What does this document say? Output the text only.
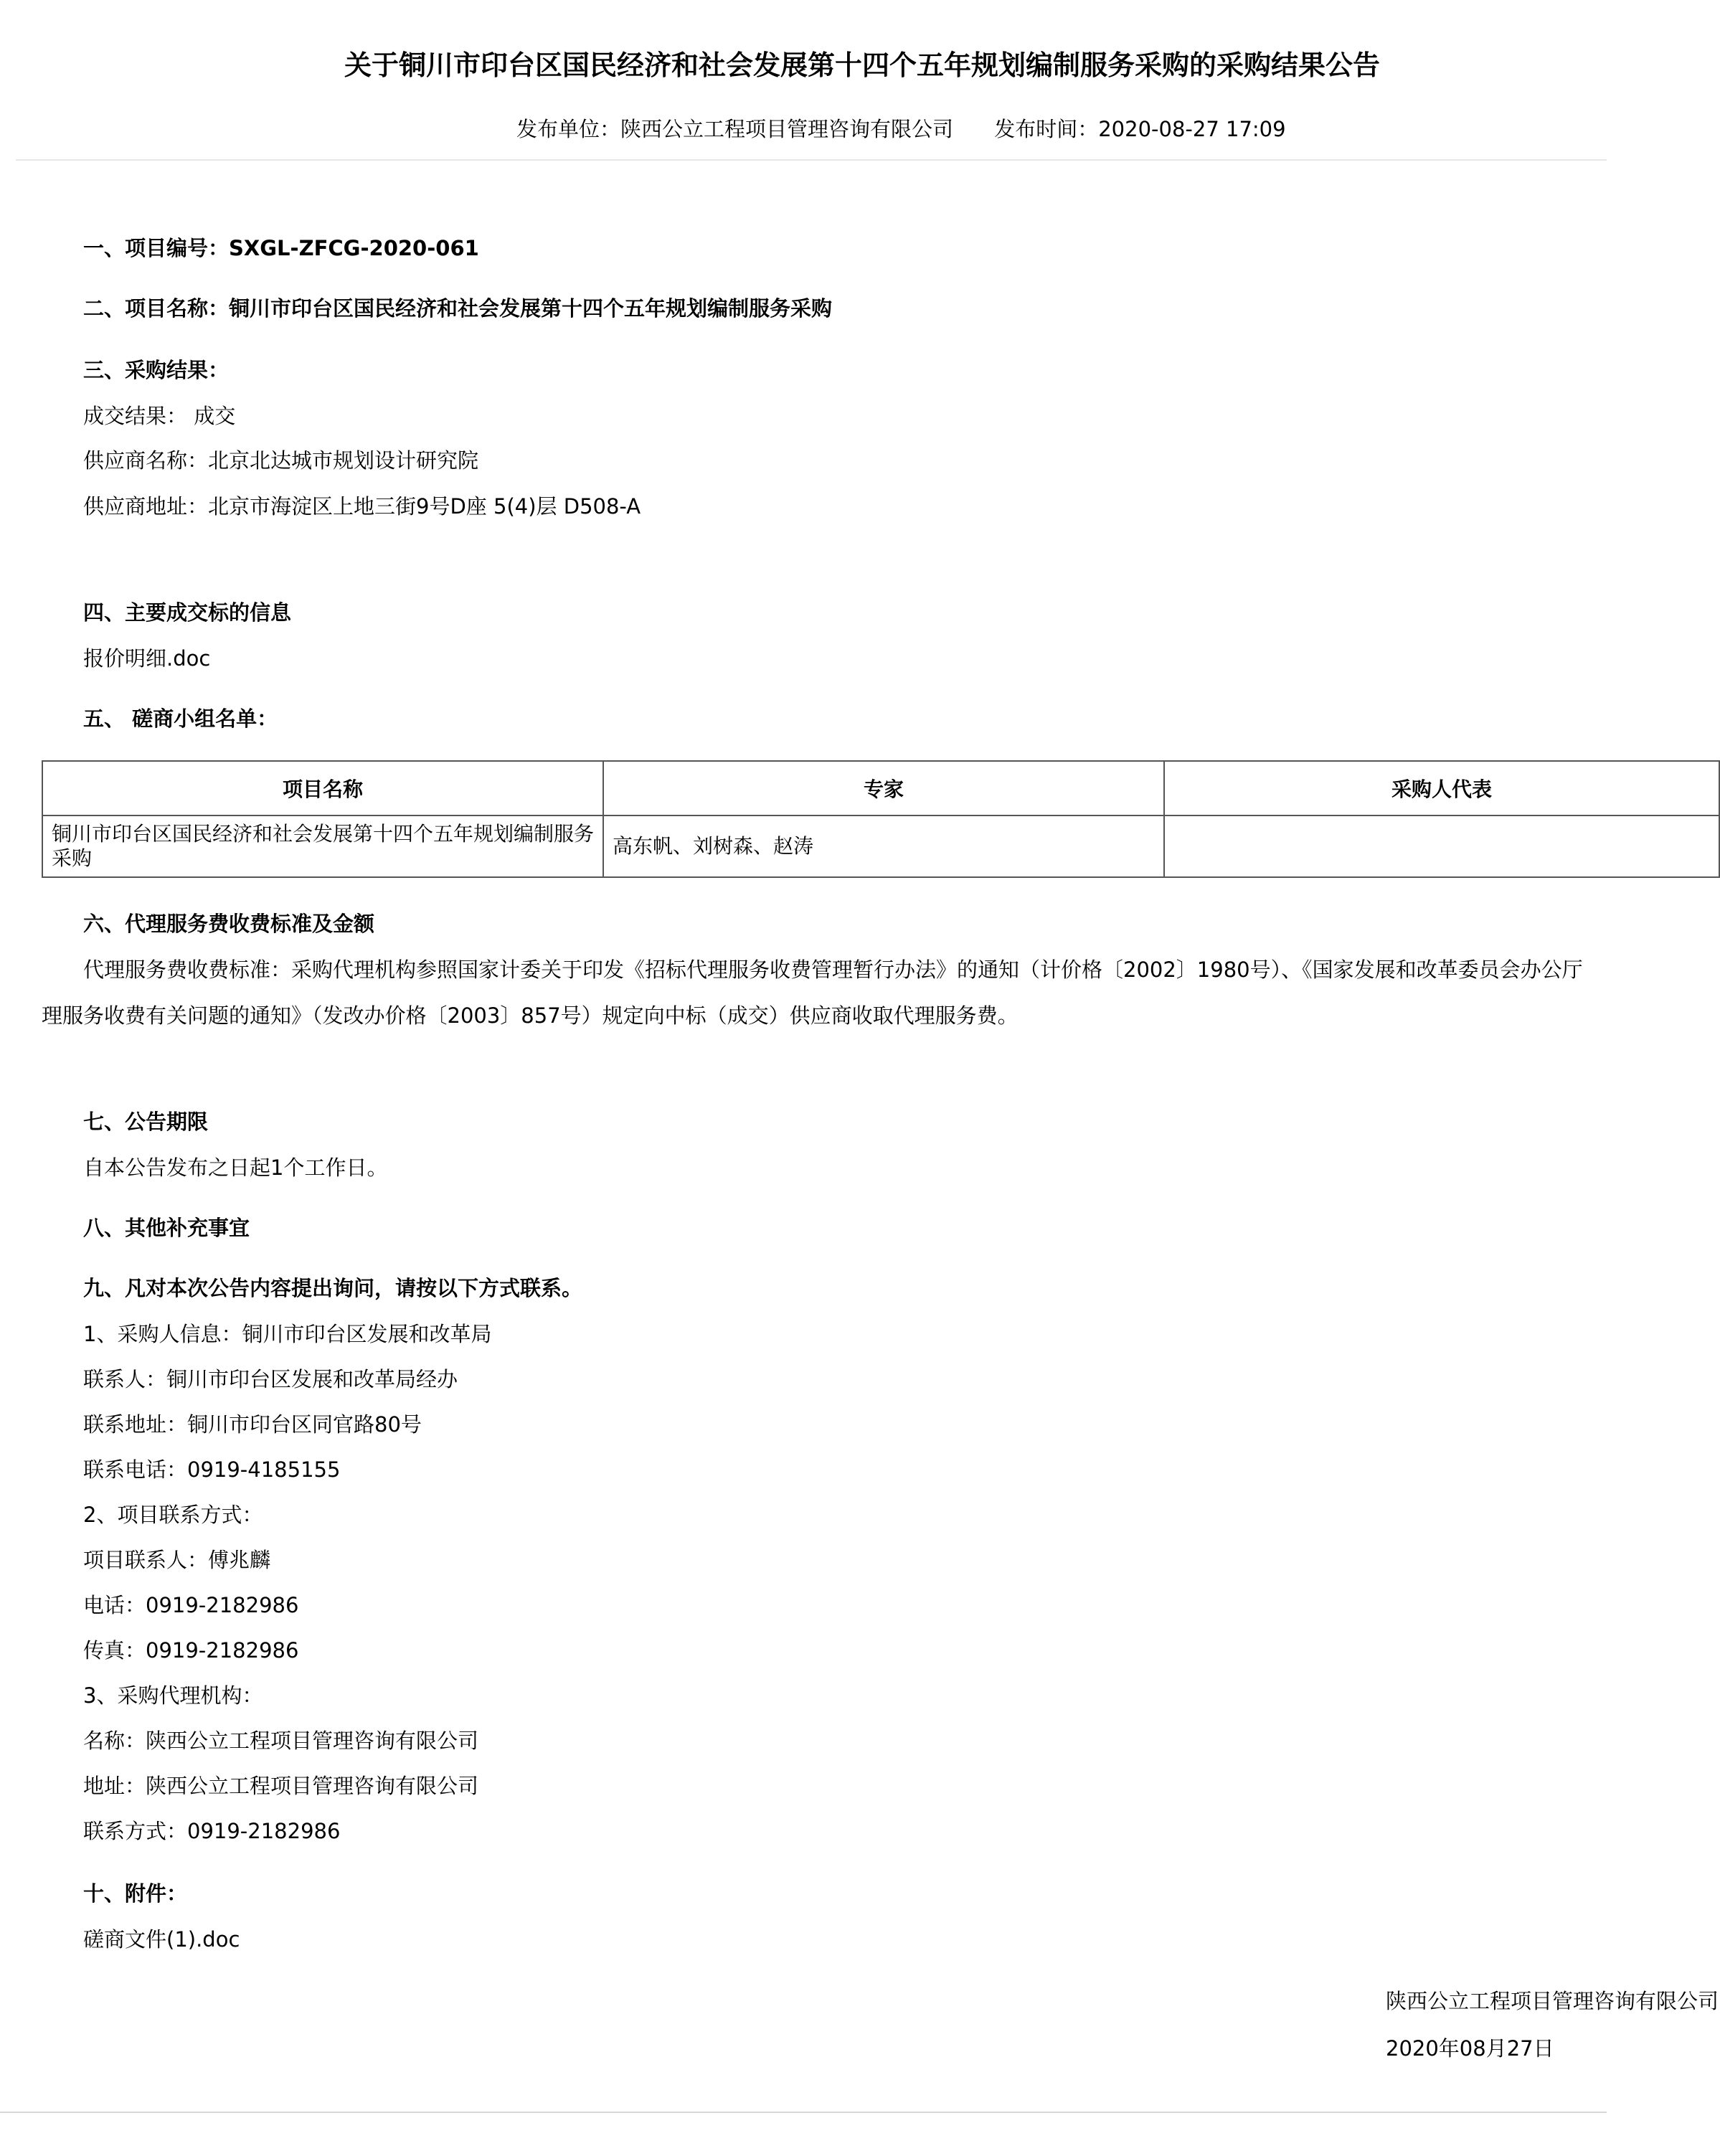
关于铜川市印台区国民经济和社会发展第十四个五年规划编制服务采购的采购结果公告
发布单位：陕西公立工程项目管理咨询有限公司 发布时间：2020-08-27 17:09
一、项目编号：SXGL-ZFCG-2020-061
二、项目名称：铜川市印台区国民经济和社会发展第十四个五年规划编制服务采购
三、采购结果：
成交结果： 成交
供应商名称：北京北达城市规划设计研究院
供应商地址：北京市海淀区上地三街9号D座 5(4)层 D508-A
四、主要成交标的信息
报价明细.doc
五、 磋商小组名单：
项目名称	专家	采购人代表
铜川市印台区国民经济和社会发展第十四个五年规划编制服务采购	高东帆、刘树森、赵涛	
六、代理服务费收费标准及金额
代理服务费收费标准：采购代理机构参照国家计委关于印发《招标代理服务收费管理暂行办法》的通知（计价格〔2002〕1980号）、《国家发展和改革委员会办公厅
理服务收费有关问题的通知》（发改办价格〔2003〕857号）规定向中标（成交）供应商收取代理服务费。
七、公告期限
自本公告发布之日起1个工作日。
八、其他补充事宜
九、凡对本次公告内容提出询问，请按以下方式联系。
1、采购人信息：铜川市印台区发展和改革局
联系人：铜川市印台区发展和改革局经办
联系地址：铜川市印台区同官路80号
联系电话：0919-4185155
2、项目联系方式：
项目联系人：傅兆麟
电话：0919-2182986
传真：0919-2182986
3、采购代理机构：
名称：陕西公立工程项目管理咨询有限公司
地址：陕西公立工程项目管理咨询有限公司
联系方式：0919-2182986
十、附件：
磋商文件(1).doc
陕西公立工程项目管理咨询有限公司
2020年08月27日
